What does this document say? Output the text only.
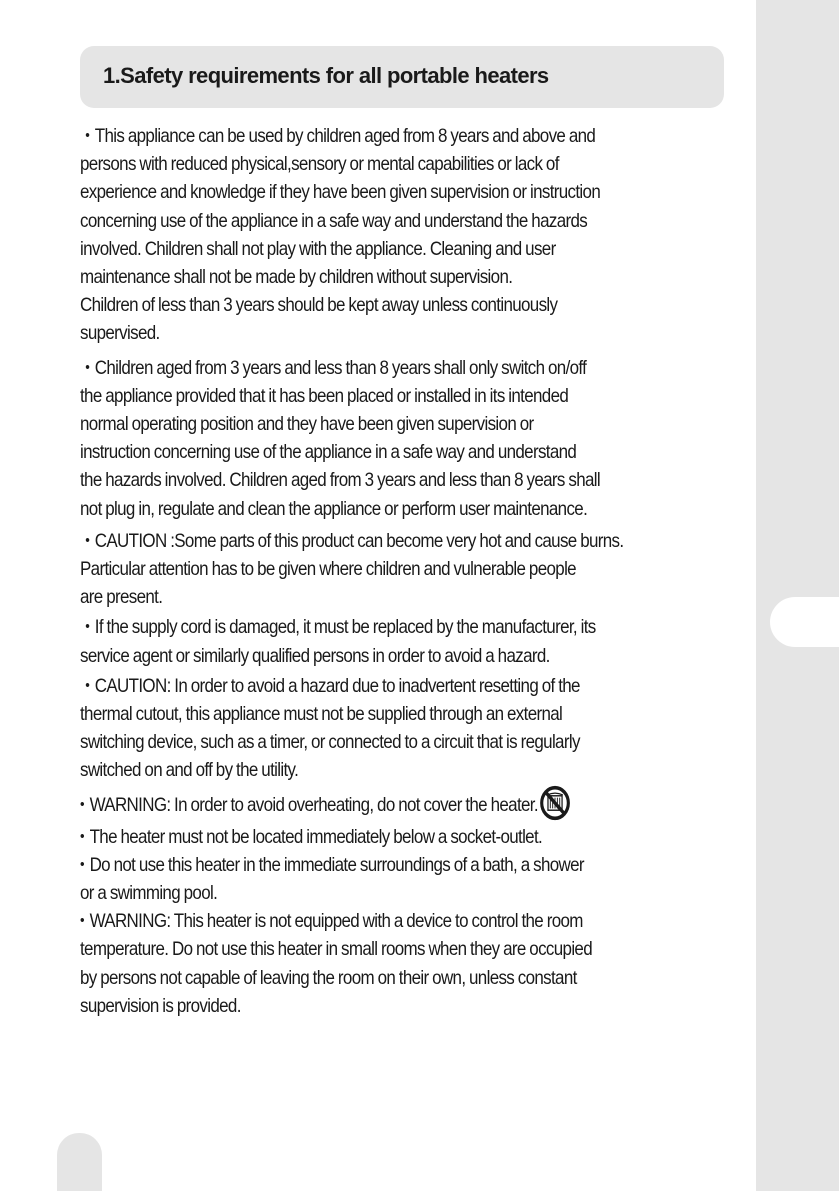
1.Safety requirements for all portable heaters

• This appliance can be used by children aged from 8 years and above and
persons with reduced physical,sensory or mental capabilities or lack of
experience and knowledge if they have been given supervision or instruction
concerning use of the appliance in a safe way and understand the hazards
involved. Children shall not play with the appliance. Cleaning and user
maintenance shall not be made by children without supervision.
Children of less than 3 years should be kept away unless continuously
supervised.

• Children aged from 3 years and less than 8 years shall only switch on/off
the appliance provided that it has been placed or installed in its intended
normal operating position and they have been given supervision or
instruction concerning use of the appliance in a safe way and understand
the hazards involved. Children aged from 3 years and less than 8 years shall
not plug in, regulate and clean the appliance or perform user maintenance.

• CAUTION :Some parts of this product can become very hot and cause burns.
Particular attention has to be given where children and vulnerable people
are present.

• If the supply cord is damaged, it must be replaced by the manufacturer, its
service agent or similarly qualified persons in order to avoid a hazard.

• CAUTION: In order to avoid a hazard due to inadvertent resetting of the
thermal cutout, this appliance must not be supplied through an external
switching device, such as a timer, or connected to a circuit that is regularly
switched on and off by the utility.

• WARNING: In order to avoid overheating, do not cover the heater.

• The heater must not be located immediately below a socket-outlet.

• Do not use this heater in the immediate surroundings of a bath, a shower
or a swimming pool.

• WARNING: This heater is not equipped with a device to control the room
temperature. Do not use this heater in small rooms when they are occupied
by persons not capable of leaving the room on their own, unless constant
supervision is provided.
